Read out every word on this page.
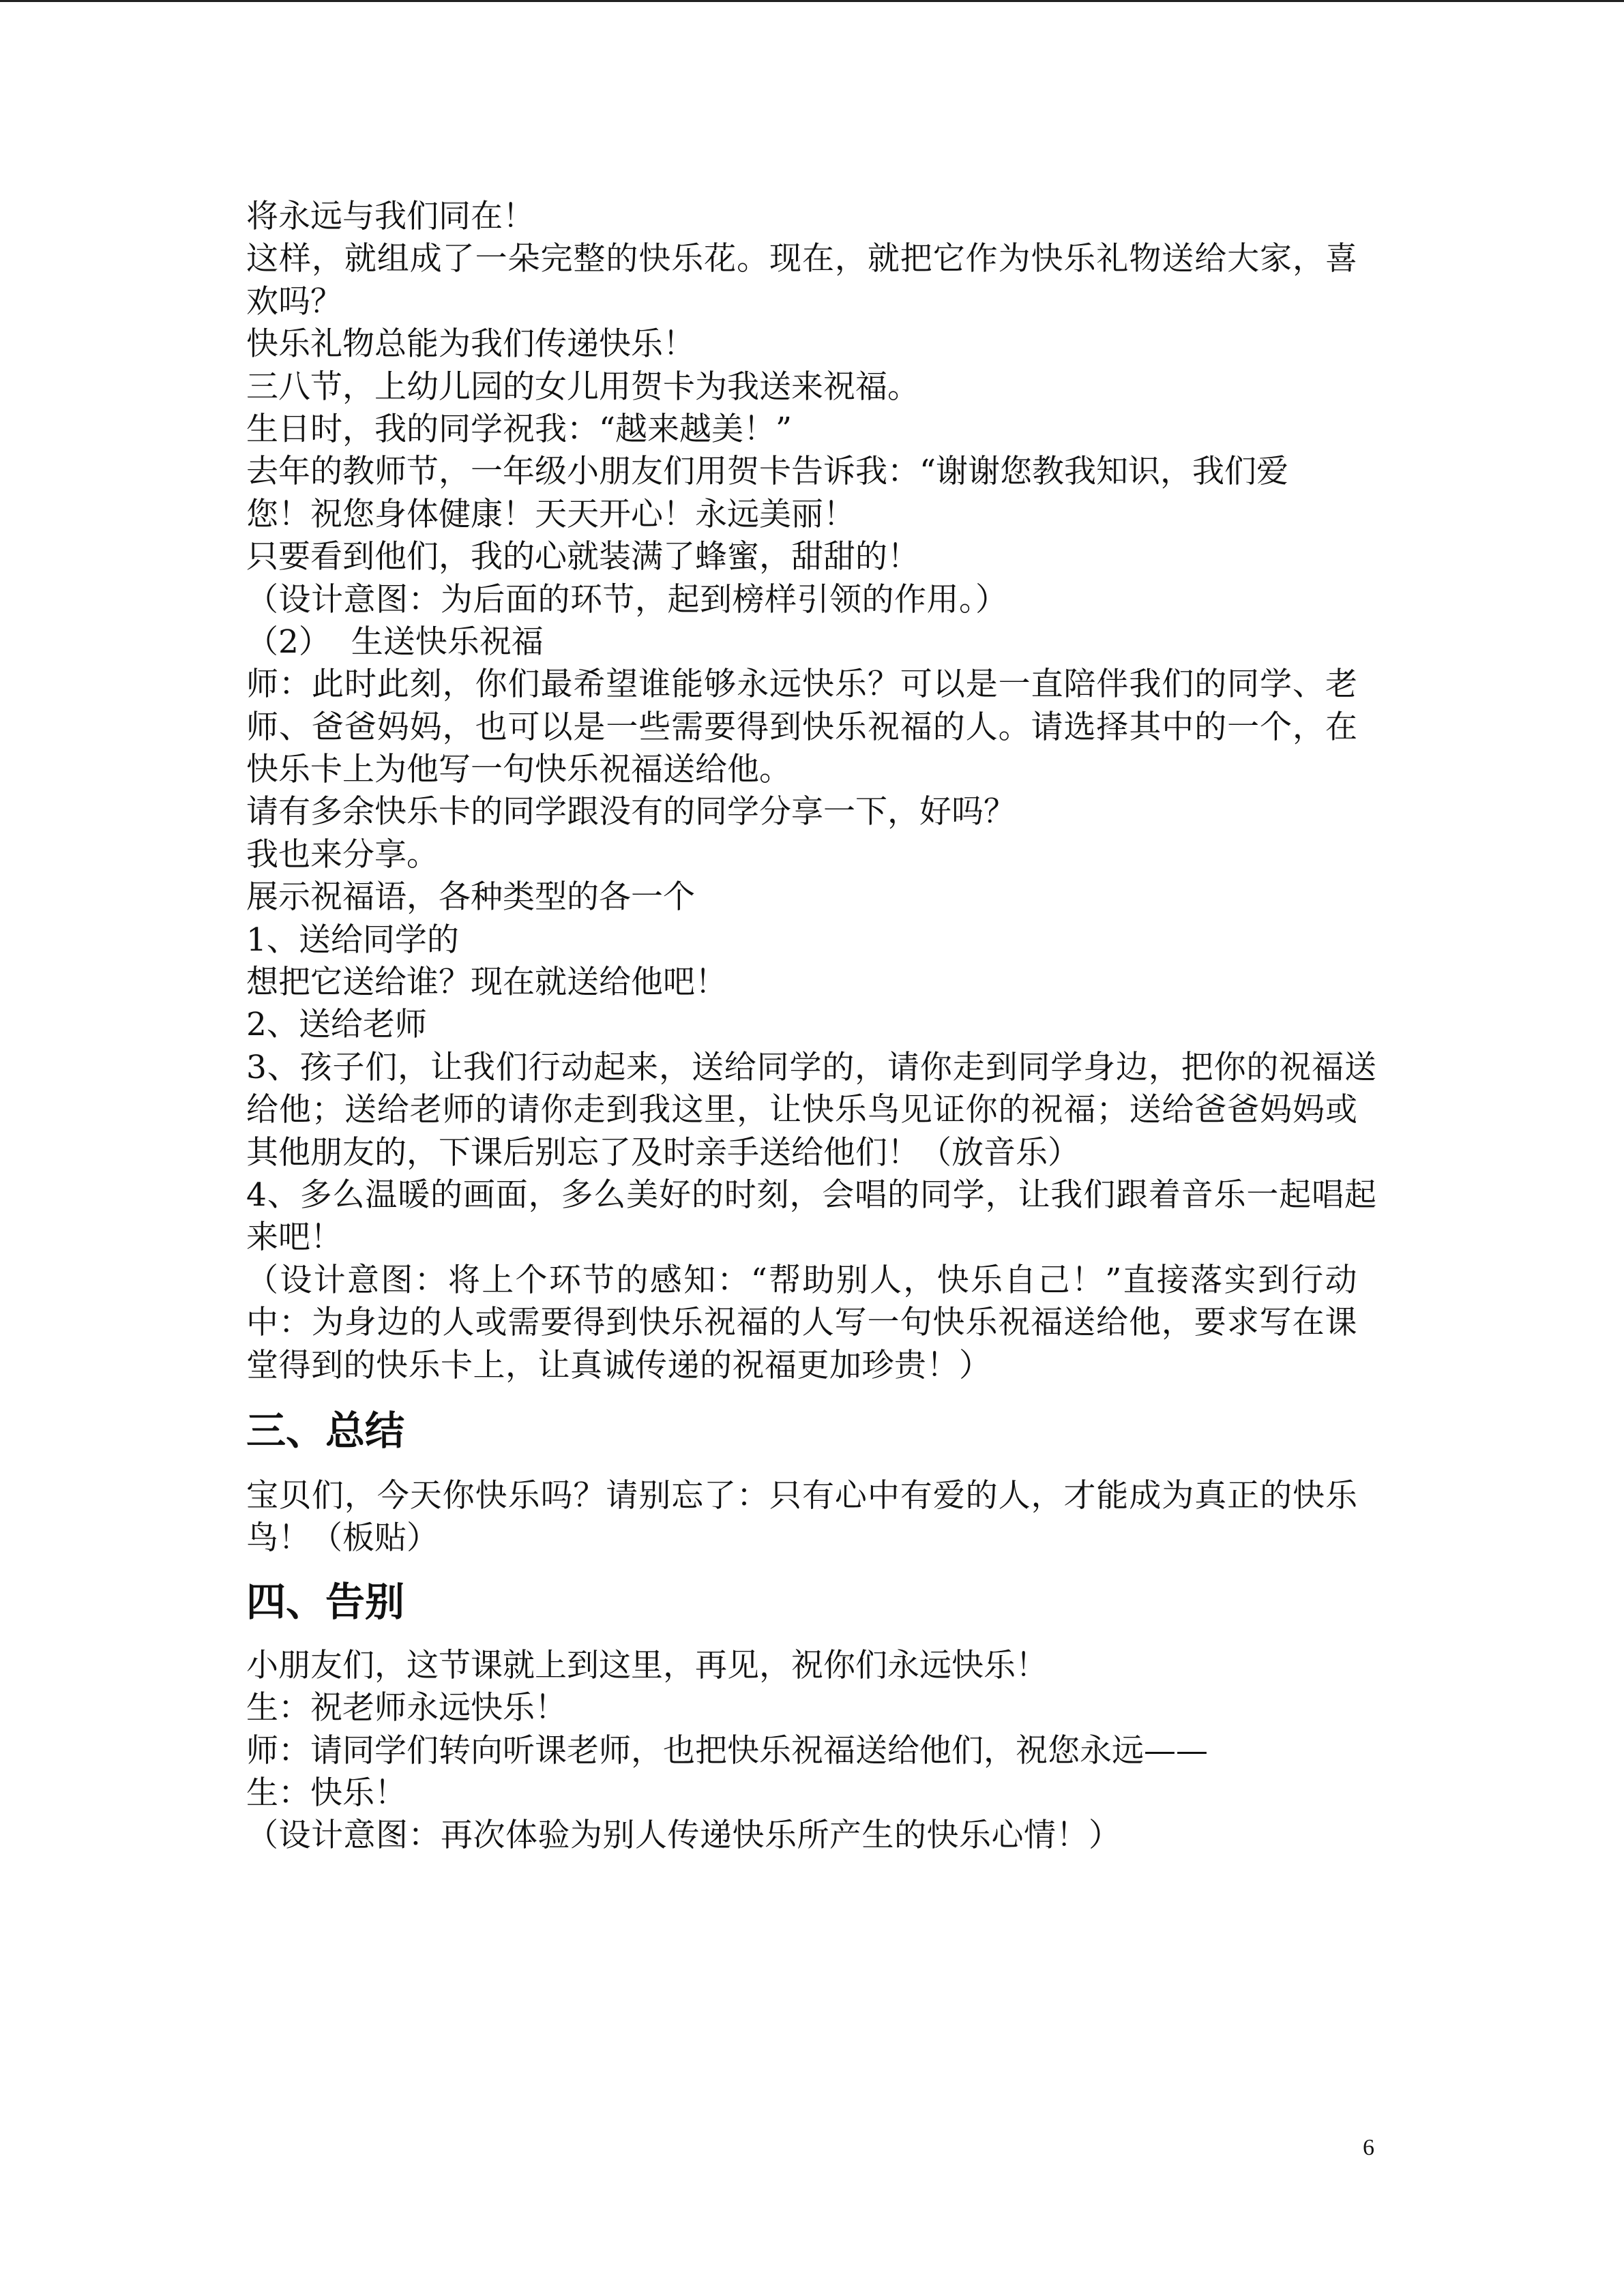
将永远与我们同在！
这样，就组成了一朵完整的快乐花。现在，就把它作为快乐礼物送给大家，喜
欢吗？
快乐礼物总能为我们传递快乐！
三八节，上幼儿园的女儿用贺卡为我送来祝福。
生日时，我的同学祝我：“越来越美！”
去年的教师节，一年级小朋友们用贺卡告诉我：“谢谢您教我知识，我们爱
您！祝您身体健康！天天开心！永远美丽！
只要看到他们，我的心就装满了蜂蜜，甜甜的！
（设计意图：为后面的环节，起到榜样引领的作用。）
（2）  生送快乐祝福
师：此时此刻，你们最希望谁能够永远快乐？可以是一直陪伴我们的同学、老
师、爸爸妈妈，也可以是一些需要得到快乐祝福的人。请选择其中的一个，在
快乐卡上为他写一句快乐祝福送给他。
请有多余快乐卡的同学跟没有的同学分享一下，好吗？
我也来分享。
展示祝福语，各种类型的各一个
1、送给同学的
想把它送给谁？现在就送给他吧！
2、送给老师
3、孩子们，让我们行动起来，送给同学的，请你走到同学身边，把你的祝福送
给他；送给老师的请你走到我这里，让快乐鸟见证你的祝福；送给爸爸妈妈或
其他朋友的，下课后别忘了及时亲手送给他们！（放音乐）
4、多么温暖的画面，多么美好的时刻，会唱的同学，让我们跟着音乐一起唱起
来吧！
（设计意图：将上个环节的感知：“帮助别人，快乐自己！”直接落实到行动
中：为身边的人或需要得到快乐祝福的人写一句快乐祝福送给他，要求写在课
堂得到的快乐卡上，让真诚传递的祝福更加珍贵！）
三、总结
宝贝们，今天你快乐吗？请别忘了：只有心中有爱的人，才能成为真正的快乐
鸟！（板贴）
四、告别
小朋友们，这节课就上到这里，再见，祝你们永远快乐！
生：祝老师永远快乐！
师：请同学们转向听课老师，也把快乐祝福送给他们，祝您永远——
生：快乐！
（设计意图：再次体验为别人传递快乐所产生的快乐心情！）
6
